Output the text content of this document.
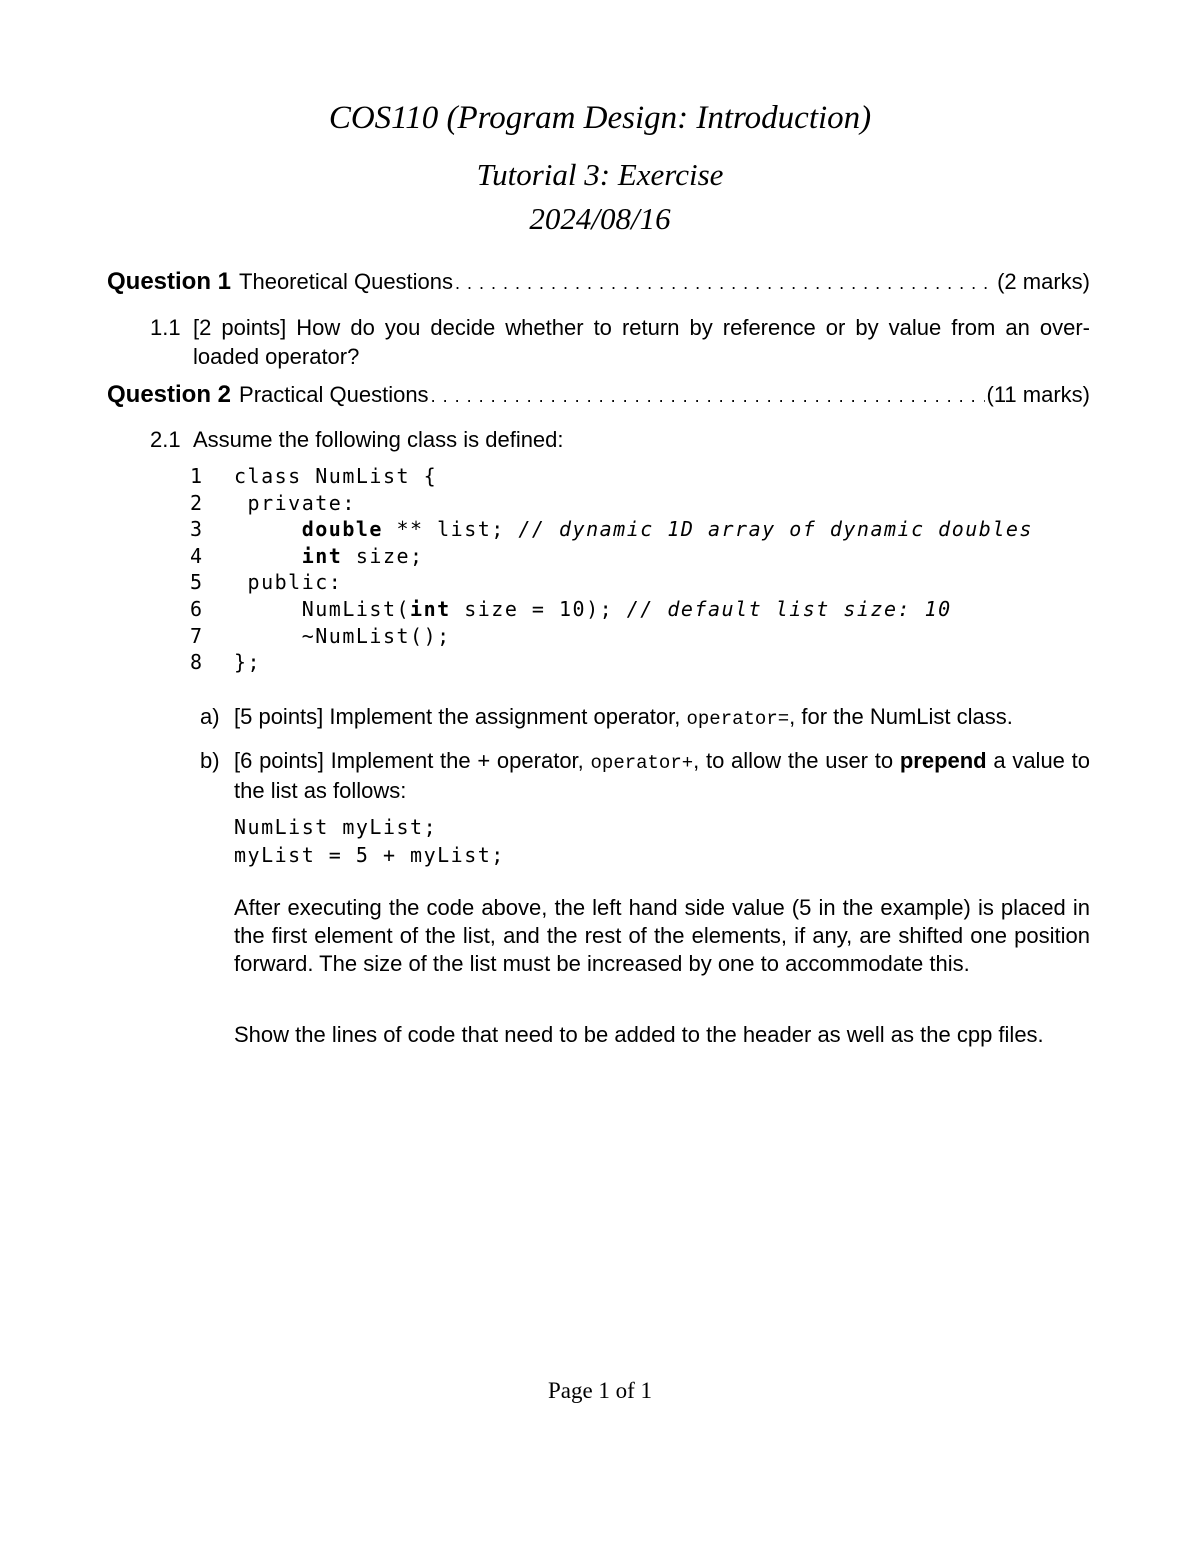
COS110 (Program Design: Introduction)
Tutorial 3: Exercise
2024/08/16
Question 1 Theoretical Questions . . .	(2 marks)
1.1 [2 points] How do you decide whether to return by reference or by value from an over-loaded operator?
Question 2 Practical Questions . . .	(11 marks)
2.1 Assume the following class is defined:
1 class NumList {
2 private:
3	double ** list; // dynamic 1D array of dynamic doubles
4	int size;
5 public:
6     NumList(int size = 10); // default list size: 10
7     ~NumList();
8 };
a) [5 points] Implement the assignment operator, operator=, for the NumList class.
b) [6 points] Implement the + operator, operator+, to allow the user to prepend a value to the list as follows:
NumList myList;
myList = 5 + myList;
After executing the code above, the left hand side value (5 in the example) is placed in the first element of the list, and the rest of the elements, if any, are shifted one position forward. The size of the list must be increased by one to accommodate this.
Show the lines of code that need to be added to the header as well as the cpp files.
Page 1 of 1
